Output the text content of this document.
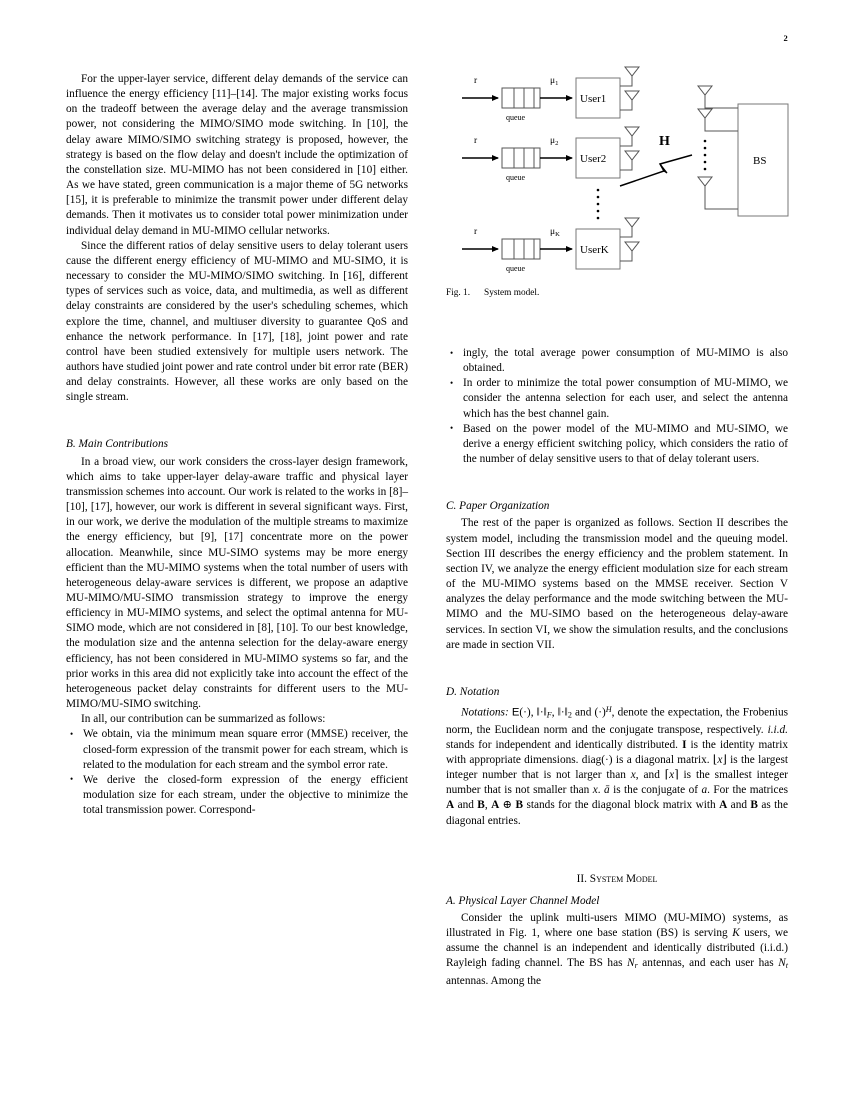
2
r
queue
$\mu_1$
User1
r
queue
$\mu_2$
User2
r
queue
$\mu_K$
UserK
H
BS
Fig. 1. System model.

For the upper-layer service, different delay demands of the service can influence the energy efficiency [11]–[14]. The major existing works focus on the tradeoff between the average delay and the average transmission power, not considering the MIMO/SIMO mode switching. In [10], the delay aware MIMO/SIMO switching strategy is proposed, however, the strategy is based on the flow delay and doesn't include the optimization of the constellation size. MU-MIMO has not been considered in [10] either. As we have stated, green communication is a major theme of 5G networks [15], it is preferable to minimize the transmit power under different delay demands. Then it motivates us to consider total power minimization under individual delay demand in MU-MIMO cellular networks.

Since the different ratios of delay sensitive users to delay tolerant users cause the different energy efficiency of MU-MIMO and MU-SIMO, it is necessary to consider the MU-MIMO/SIMO switching. In [16], different types of services such as voice, data, and multimedia, as well as different delay constraints are considered by the user's scheduling schemes, which explore the time, channel, and multiuser diversity to guarantee QoS and enhance the network performance. In [17], [18], joint power and rate control have been studied extensively for multiple users network. The authors have studied joint power and rate control under bit error rate (BER) and delay constraints. However, all these works are only based on the single stream.

B. Main Contributions

In a broad view, our work considers the cross-layer design framework, which aims to take upper-layer delay-aware traffic and physical layer transmission schemes into account. Our work is related to the works in [8]–[10], [17], however, our work is different in several significant ways. First, in our work, we derive the modulation of the multiple streams to maximize the energy efficiency, but [9], [17] concentrate more on the power allocation. Meanwhile, since MU-SIMO systems may be more energy efficient than the MU-MIMO systems when the total number of users with heterogeneous delay-aware services is different, we propose an adaptive MU-MIMO/MU-SIMO transmission strategy to improve the energy efficiency in MU-MIMO systems, and select the optimal antenna for MU-SIMO mode, which are not considered in [8], [10]. To our best knowledge, the modulation size and the antenna selection for the delay-aware energy efficiency, has not been considered in MU-MIMO systems so far, and the prior works in this area did not explicitly take into account the effect of the heterogeneous packet delay constraints for different users to the MU-MIMO/MU-SIMO switching.

In all, our contribution can be summarized as follows:

• We obtain, via the minimum mean square error (MMSE) receiver, the closed-form expression of the transmit power for each stream, which is related to the modulation for each stream and the symbol error rate.
• We derive the closed-form expression of the energy efficient modulation size for each stream, under the objective to minimize the total transmission power. Correspond-
• ingly, the total average power consumption of MU-MIMO is also obtained.
• In order to minimize the total power consumption of MU-MIMO, we consider the antenna selection for each user, and select the antenna which has the best channel gain.
• Based on the power model of the MU-MIMO and MU-SIMO, we derive a energy efficient switching policy, which considers the ratio of the number of delay sensitive users to that of delay tolerant users.
C. Paper Organization

The rest of the paper is organized as follows. Section II describes the system model, including the transmission model and the queuing model. Section III describes the energy efficiency and the problem statement. In section IV, we analyze the energy efficient modulation size for each stream of the MU-MIMO systems based on the MMSE receiver. Section V analyzes the delay performance and the mode switching between the MU-MIMO and the MU-SIMO based on the heterogeneous delay-aware services. In section VI, we show the simulation results, and the conclusions are made in section VII.

D. Notation

Notations: E(·), $‖\cdot‖_F$, $‖\cdot‖_2$ and $(\cdot)^H$, denote the expectation, the Frobenius norm, the Euclidean norm and the conjugate transpose, respectively. i.i.d. stands for independent and identically distributed. I is the identity matrix with appropriate dimensions. diag(·) is a diagonal matrix. ⌊x⌋ is the largest integer number that is not larger than x, and ⌈x⌉ is the smallest integer number that is not smaller than x. ā is the conjugate of a. For the matrices A and B, A ⊕ B stands for the diagonal block matrix with A and B as the diagonal entries.

II. System Model
A. Physical Layer Channel Model

Consider the uplink multi-users MIMO (MU-MIMO) systems, as illustrated in Fig. 1, where one base station (BS) is serving K users, we assume the channel is an independent and identically distributed (i.i.d.) Rayleigh fading channel. The BS has $N_r$ antennas, and each user has $N_t$ antennas. Among the
